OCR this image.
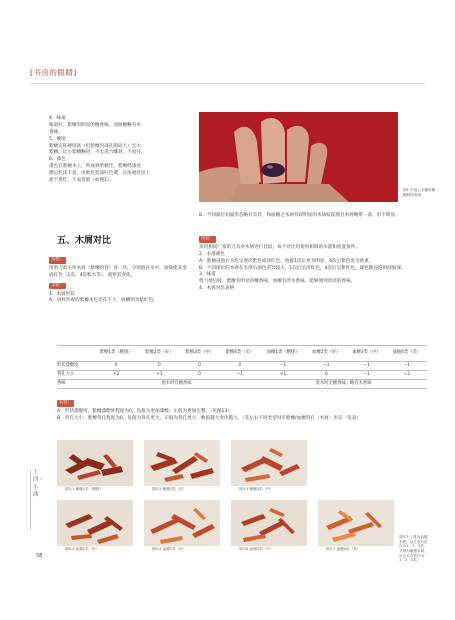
[书房的眼睛]
丁四・小西
58

4．味道

味道好，紫檀有明显的檀香味，而血檀略有木

香味。

5．硬度

紫檀实际硬度高（但紫檀内部孔隙较大）无大

紫檀，比小紫檀略轻，不太适合雕刻，不易开。

6．漆色

漆色在紫檀木上，所成效果极佳，紫檀经漆处

理后色泽丰富，由紫色变深红色调，在浓重处显上

涩于黑红，不易变暗（如图1）。

五、木屑对比
实验：

用剪刀剪小块木屑（紫檀的卷）各一块，分别泡在水中，加盐使其变成红色（1次、4次和水等），观察其变化。

实验：

1．木屑形状

A．同样外观的紫檀木色差在不大，血檀则为紫红色。

图1 中指上手戴用紫檀制造戒指
B．不同部位切面形态略有差异，和血檀之木屑有较明显的木质纹纹理且木屑略带一条，但不明显。
实验：

采用相同厂家的刀具对木屑进行比较，每个对比均使用相同的水量和放置条件。

2．水溶颜色

A．紫檀浸泡后水色呈现淡紫色或淡红色，放置1次后更为明显，4次后紫色更为浓重。

B．不同部位的木屑在水溶后颜色差异较大，1次后呈淡红色，4次后呈紫红色，颜色随浸泡时间加深。

3．味道

剪刀剪后时，紫檀有明显的檀香味，血檀有淡木香味，能够闻到淡淡的香味。

4．木屑对比表格

	紫檀1类（精排）	紫檀2类（好）	紫檀3类（中）	紫檀4类（差）	血檀1类（精排）	血檀2类（好）	血檀3类（中）	血檀4类（差）
形状漆醇度	0	0	0	0	−1	−1	−1	−1
背孔大小	+2	+1	0	−1	+1	0	−1	−2
香味	剪木时有檀香味				剪木时无檀香味，略有木香味			
实验：

A．形状漆醇度，紫檀漆醇度程度为0，负值为更加漆醇，正值为更加完整。（见图13）

B．背孔大小，紫檀背孔程度为0，负值为背孔更大，正值为背孔更小，数值越大变化越大。（其左右不同类型对应紫檀/血檀背孔（木屑）形态一览表）

图3-1 紫檀1类（精排）	图3-2 紫檀2类（好）	图3-3 紫檀3类（中）
图3-4 血檀1类（好）	图3-5 血檀2类（好）	图3-6 血檀3类（中）	图3-7 血檀4类（差）
图3-7 上排为血檀木屑，从左至右依次为1、2、3类；下排为紫檀木屑，从左至右依次为1、2、3类。
